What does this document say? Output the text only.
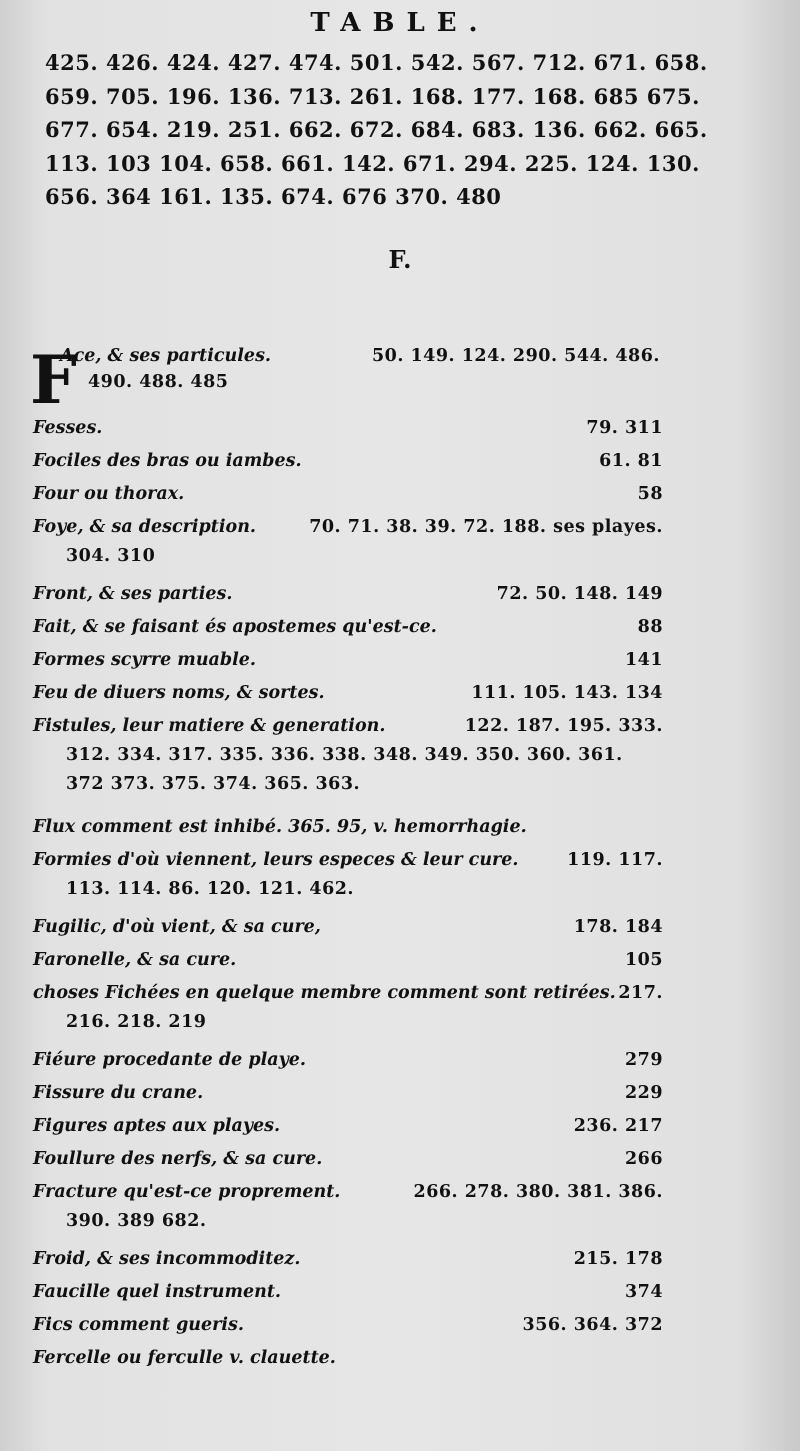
TABLE.
425. 426. 424. 427. 474. 501. 542. 567. 712. 671. 658.
659. 705. 196. 136. 713. 261. 168. 177. 168. 685 675.
677. 654. 219. 251. 662. 672. 684. 683. 136. 662. 665.
113. 103 104. 658. 661. 142. 671. 294. 225. 124. 130.
656. 364 161. 135. 674. 676 370. 480
F.
F
Ace, & ses particules.	50. 149. 124. 290. 544. 486.
490. 488. 485
Fesses.	79. 311
Fociles des bras ou iambes.	61. 81
Four ou thorax.	58
Foye, & sa description.	70. 71. 38. 39. 72. 188. ses playes.
304. 310
Front, & ses parties.	72. 50. 148. 149
Fait, & se faisant és apostemes qu'est-ce.	88
Formes scyrre muable.	141
Feu de diuers noms, & sortes.	111. 105. 143. 134
Fistules, leur matiere & generation.	122. 187. 195. 333.
312. 334. 317. 335. 336. 338. 348. 349. 350. 360. 361.
372 373. 375. 374. 365. 363.
Flux comment est inhibé. 365. 95, v. hemorrhagie.
Formies d'où viennent, leurs especes & leur cure.	119. 117.
113. 114. 86. 120. 121. 462.
Fugilic, d'où vient, & sa cure,	178. 184
Faronelle, & sa cure.	105
choses Fichées en quelque membre comment sont retirées. 217.
216. 218. 219
Fiéure procedante de playe.	279
Fissure du crane.	229
Figures aptes aux playes.	236. 217
Foullure des nerfs, & sa cure.	266
Fracture qu'est-ce proprement.	266. 278. 380. 381. 386.
390. 389 682.
Froid, & ses incommoditez.	215. 178
Faucille quel instrument.	374
Fics comment gueris.	356. 364. 372
Fercelle ou ferculle v. clauette.
